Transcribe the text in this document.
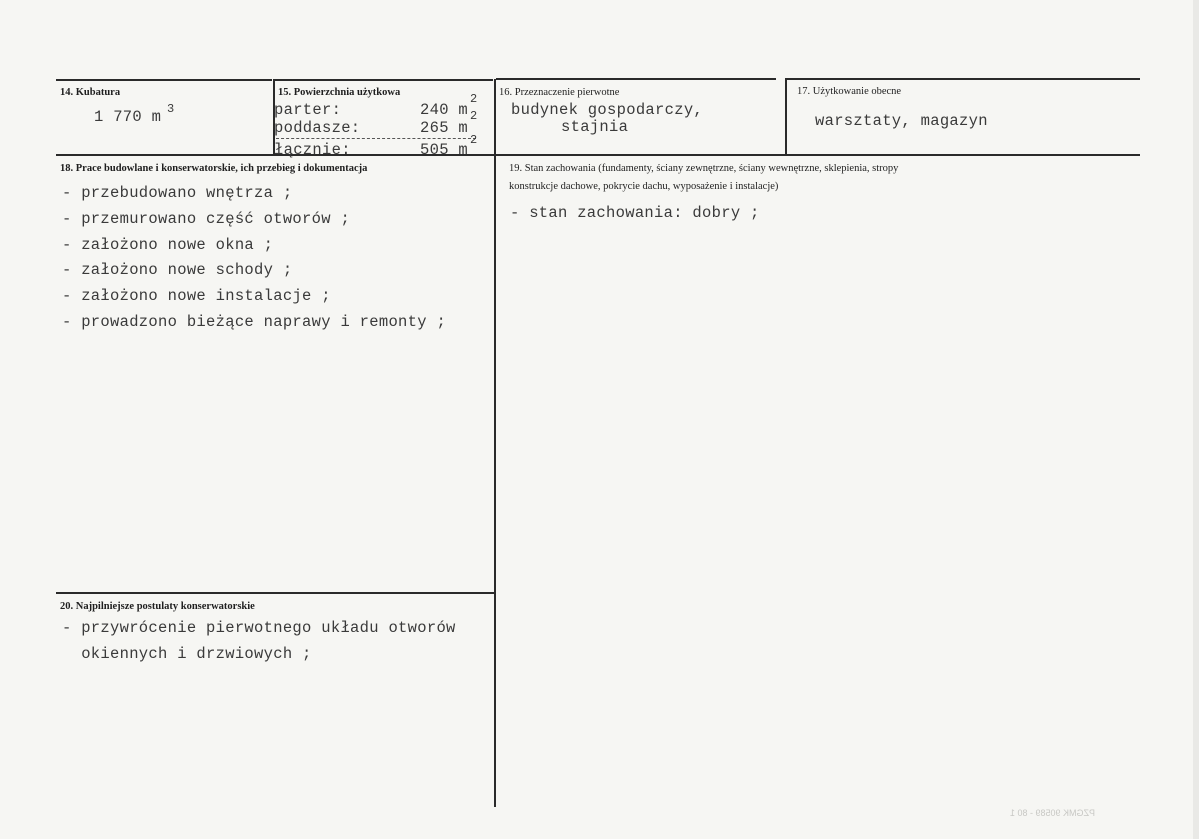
14. Kubatura
1 770 m 3
15. Powierzchnia użytkowa
parter:	240 m
2
poddasze:	265 m
2
łącznie:	505 m
2
16. Przeznaczenie pierwotne
budynek gospodarczy,
stajnia
17. Użytkowanie obecne
warsztaty, magazyn
18. Prace budowlane i konserwatorskie, ich przebieg i dokumentacja
- przebudowano wnętrza ;
- przemurowano część otworów ;
- założono nowe okna ;
- założono nowe schody ;
- założono nowe instalacje ;
- prowadzono bieżące naprawy i remonty ;
19. Stan zachowania (fundamenty, ściany zewnętrzne, ściany wewnętrzne, sklepienia, stropy
konstrukcje dachowe, pokrycie dachu, wyposażenie i instalacje)
- stan zachowania: dobry ;
20. Najpilniejsze postulaty konserwatorskie
- przywrócenie pierwotnego układu otworów
okiennych i drzwiowych ;
PZGMK 90589 - 80 1
